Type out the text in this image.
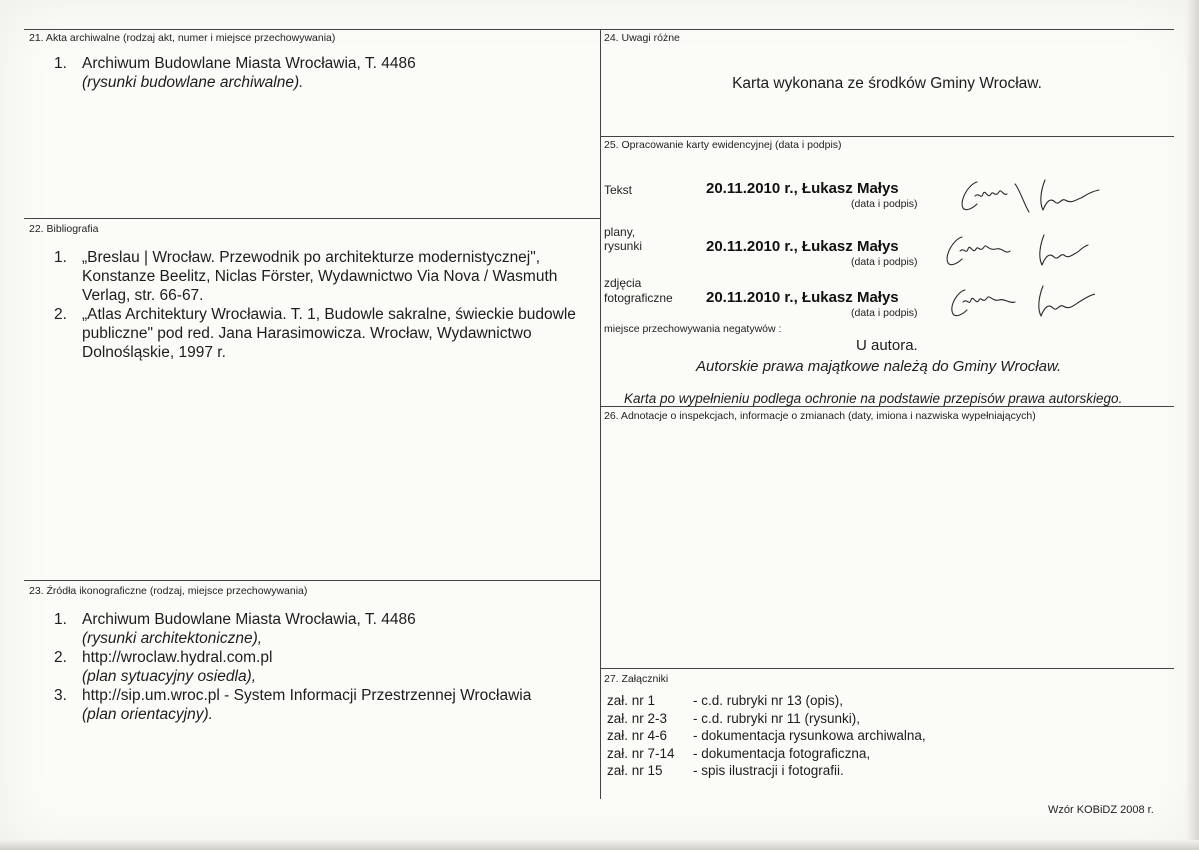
21. Akta archiwalne (rodzaj akt, numer i miejsce przechowywania)
1. Archiwum Budowlane Miasta Wrocławia, T. 4486
(rysunki budowlane archiwalne).
22. Bibliografia
1. „Breslau | Wrocław. Przewodnik po architekturze modernistycznej",
Konstanze Beelitz, Niclas Förster, Wydawnictwo Via Nova / Wasmuth
Verlag, str. 66-67.
2. „Atlas Architektury Wrocławia. T. 1, Budowle sakralne, świeckie budowle
publiczne" pod red. Jana Harasimowicza. Wrocław, Wydawnictwo
Dolnośląskie, 1997 r.
23. Źródła ikonograficzne (rodzaj, miejsce przechowywania)
1. Archiwum Budowlane Miasta Wrocławia, T. 4486
(rysunki architektoniczne),
2. http://wroclaw.hydral.com.pl
(plan sytuacyjny osiedla),
3. http://sip.um.wroc.pl - System Informacji Przestrzennej Wrocławia
(plan orientacyjny).
24. Uwagi różne
Karta wykonana ze środków Gminy Wrocław.
25. Opracowanie karty ewidencyjnej (data i podpis)
Tekst	20.11.2010 r., Łukasz Małys
(data i podpis)
plany,
rysunki	20.11.2010 r., Łukasz Małys
(data i podpis)
zdjęcia
fotograficzne 20.11.2010 r., Łukasz Małys
(data i podpis)
miejsce przechowywania negatywów :
U autora.
Autorskie prawa majątkowe należą do Gminy Wrocław.
Karta po wypełnieniu podlega ochronie na podstawie przepisów prawa autorskiego.
26. Adnotacje o inspekcjach, informacje o zmianach (daty, imiona i nazwiska wypełniających)
27. Załączniki
zał. nr 1	- c.d. rubryki nr 13 (opis),
zał. nr 2-3	- c.d. rubryki nr 11 (rysunki),
zał. nr 4-6	- dokumentacja rysunkowa archiwalna,
zał. nr 7-14	- dokumentacja fotograficzna,
zał. nr 15	- spis ilustracji i fotografii.
Wzór KOBiDZ 2008 r.
